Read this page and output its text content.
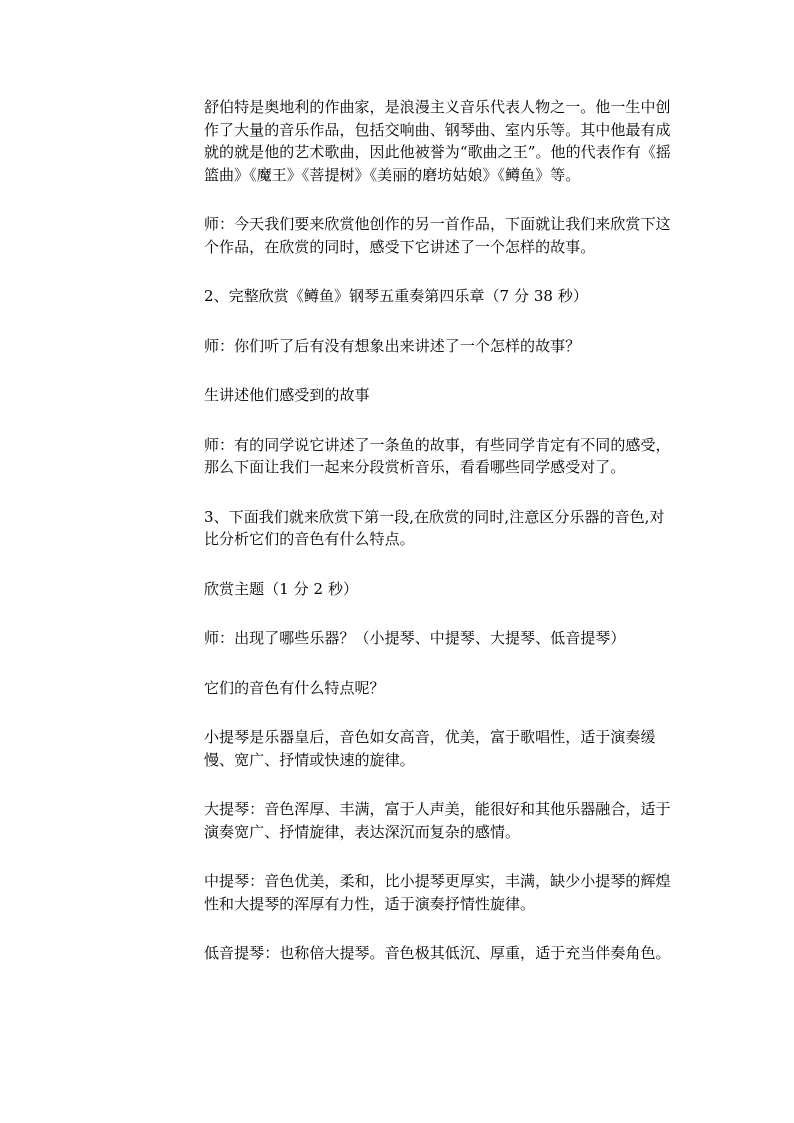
舒伯特是奥地利的作曲家，是浪漫主义音乐代表人物之一。他一生中创作了大量的音乐作品，包括交响曲、钢琴曲、室内乐等。其中他最有成就的就是他的艺术歌曲，因此他被誉为“歌曲之王”。他的代表作有《摇篮曲》《魔王》《菩提树》《美丽的磨坊姑娘》《鳟鱼》等。

师：今天我们要来欣赏他创作的另一首作品，下面就让我们来欣赏下这个作品，在欣赏的同时，感受下它讲述了一个怎样的故事。

2、完整欣赏《鳟鱼》钢琴五重奏第四乐章（7 分 38 秒）

师：你们听了后有没有想象出来讲述了一个怎样的故事？

生讲述他们感受到的故事

师：有的同学说它讲述了一条鱼的故事，有些同学肯定有不同的感受，那么下面让我们一起来分段赏析音乐，看看哪些同学感受对了。

3、下面我们就来欣赏下第一段,在欣赏的同时,注意区分乐器的音色,对比分析它们的音色有什么特点。

欣赏主题（1 分 2 秒）

师：出现了哪些乐器？（小提琴、中提琴、大提琴、低音提琴）

它们的音色有什么特点呢？

小提琴是乐器皇后，音色如女高音，优美，富于歌唱性，适于演奏缓慢、宽广、抒情或快速的旋律。

大提琴：音色浑厚、丰满，富于人声美，能很好和其他乐器融合，适于演奏宽广、抒情旋律，表达深沉而复杂的感情。

中提琴：音色优美，柔和，比小提琴更厚实，丰满，缺少小提琴的辉煌性和大提琴的浑厚有力性，适于演奏抒情性旋律。

低音提琴：也称倍大提琴。音色极其低沉、厚重，适于充当伴奏角色。
